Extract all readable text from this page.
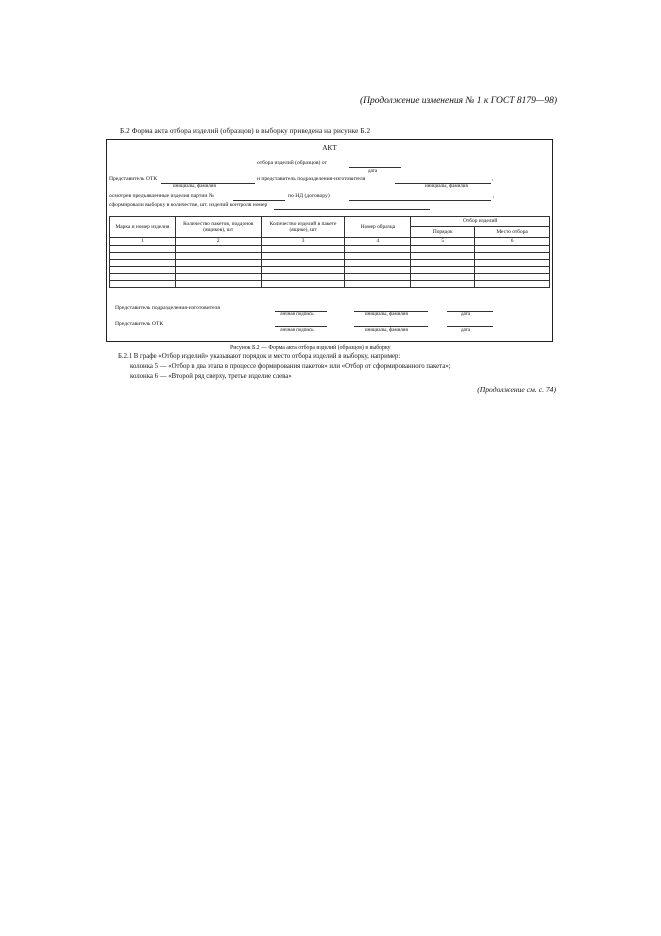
(Продолжение изменения № 1 к ГОСТ 8179—98)
Б.2 Форма акта отбора изделий (образцов) в выборку приведена на рисунке Б.2
АКТ
отбора изделий (образцов) от
дата
Представитель ОТК	и представитель подразделения-изготовителя	,
инициалы, фамилия	инициалы, фамилия
осмотрев предъявленные изделия партии №	по НД (договору)	,
сформировали выборку в количестве, шт. изделий контроля номер
Марка и номер изделия	Количество пакетов, поддонов (ящиков), шт	Количество изделий в пакете (ящике), шт	Номер образца	Отбор изделий	
				Порядок	Место отбора
1	2	3	4	5	6

Представитель подразделения-изготовителя
личная подпись	инициалы, фамилия	дата
Представитель ОТК
личная подпись	инициалы, фамилия	дата
Рисунок Б.2 — Форма акта отбора изделий (образцов) в выборку
Б.2.1 В графе «Отбор изделий» указывают порядок и место отбора изделий в выборку, например:
колонка 5 — «Отбор в два этапа в процессе формирования пакетов» или «Отбор от сформированного пакета»;
колонка 6 — «Второй ряд сверху, третье изделие слева»
(Продолжение см. с. 74)
